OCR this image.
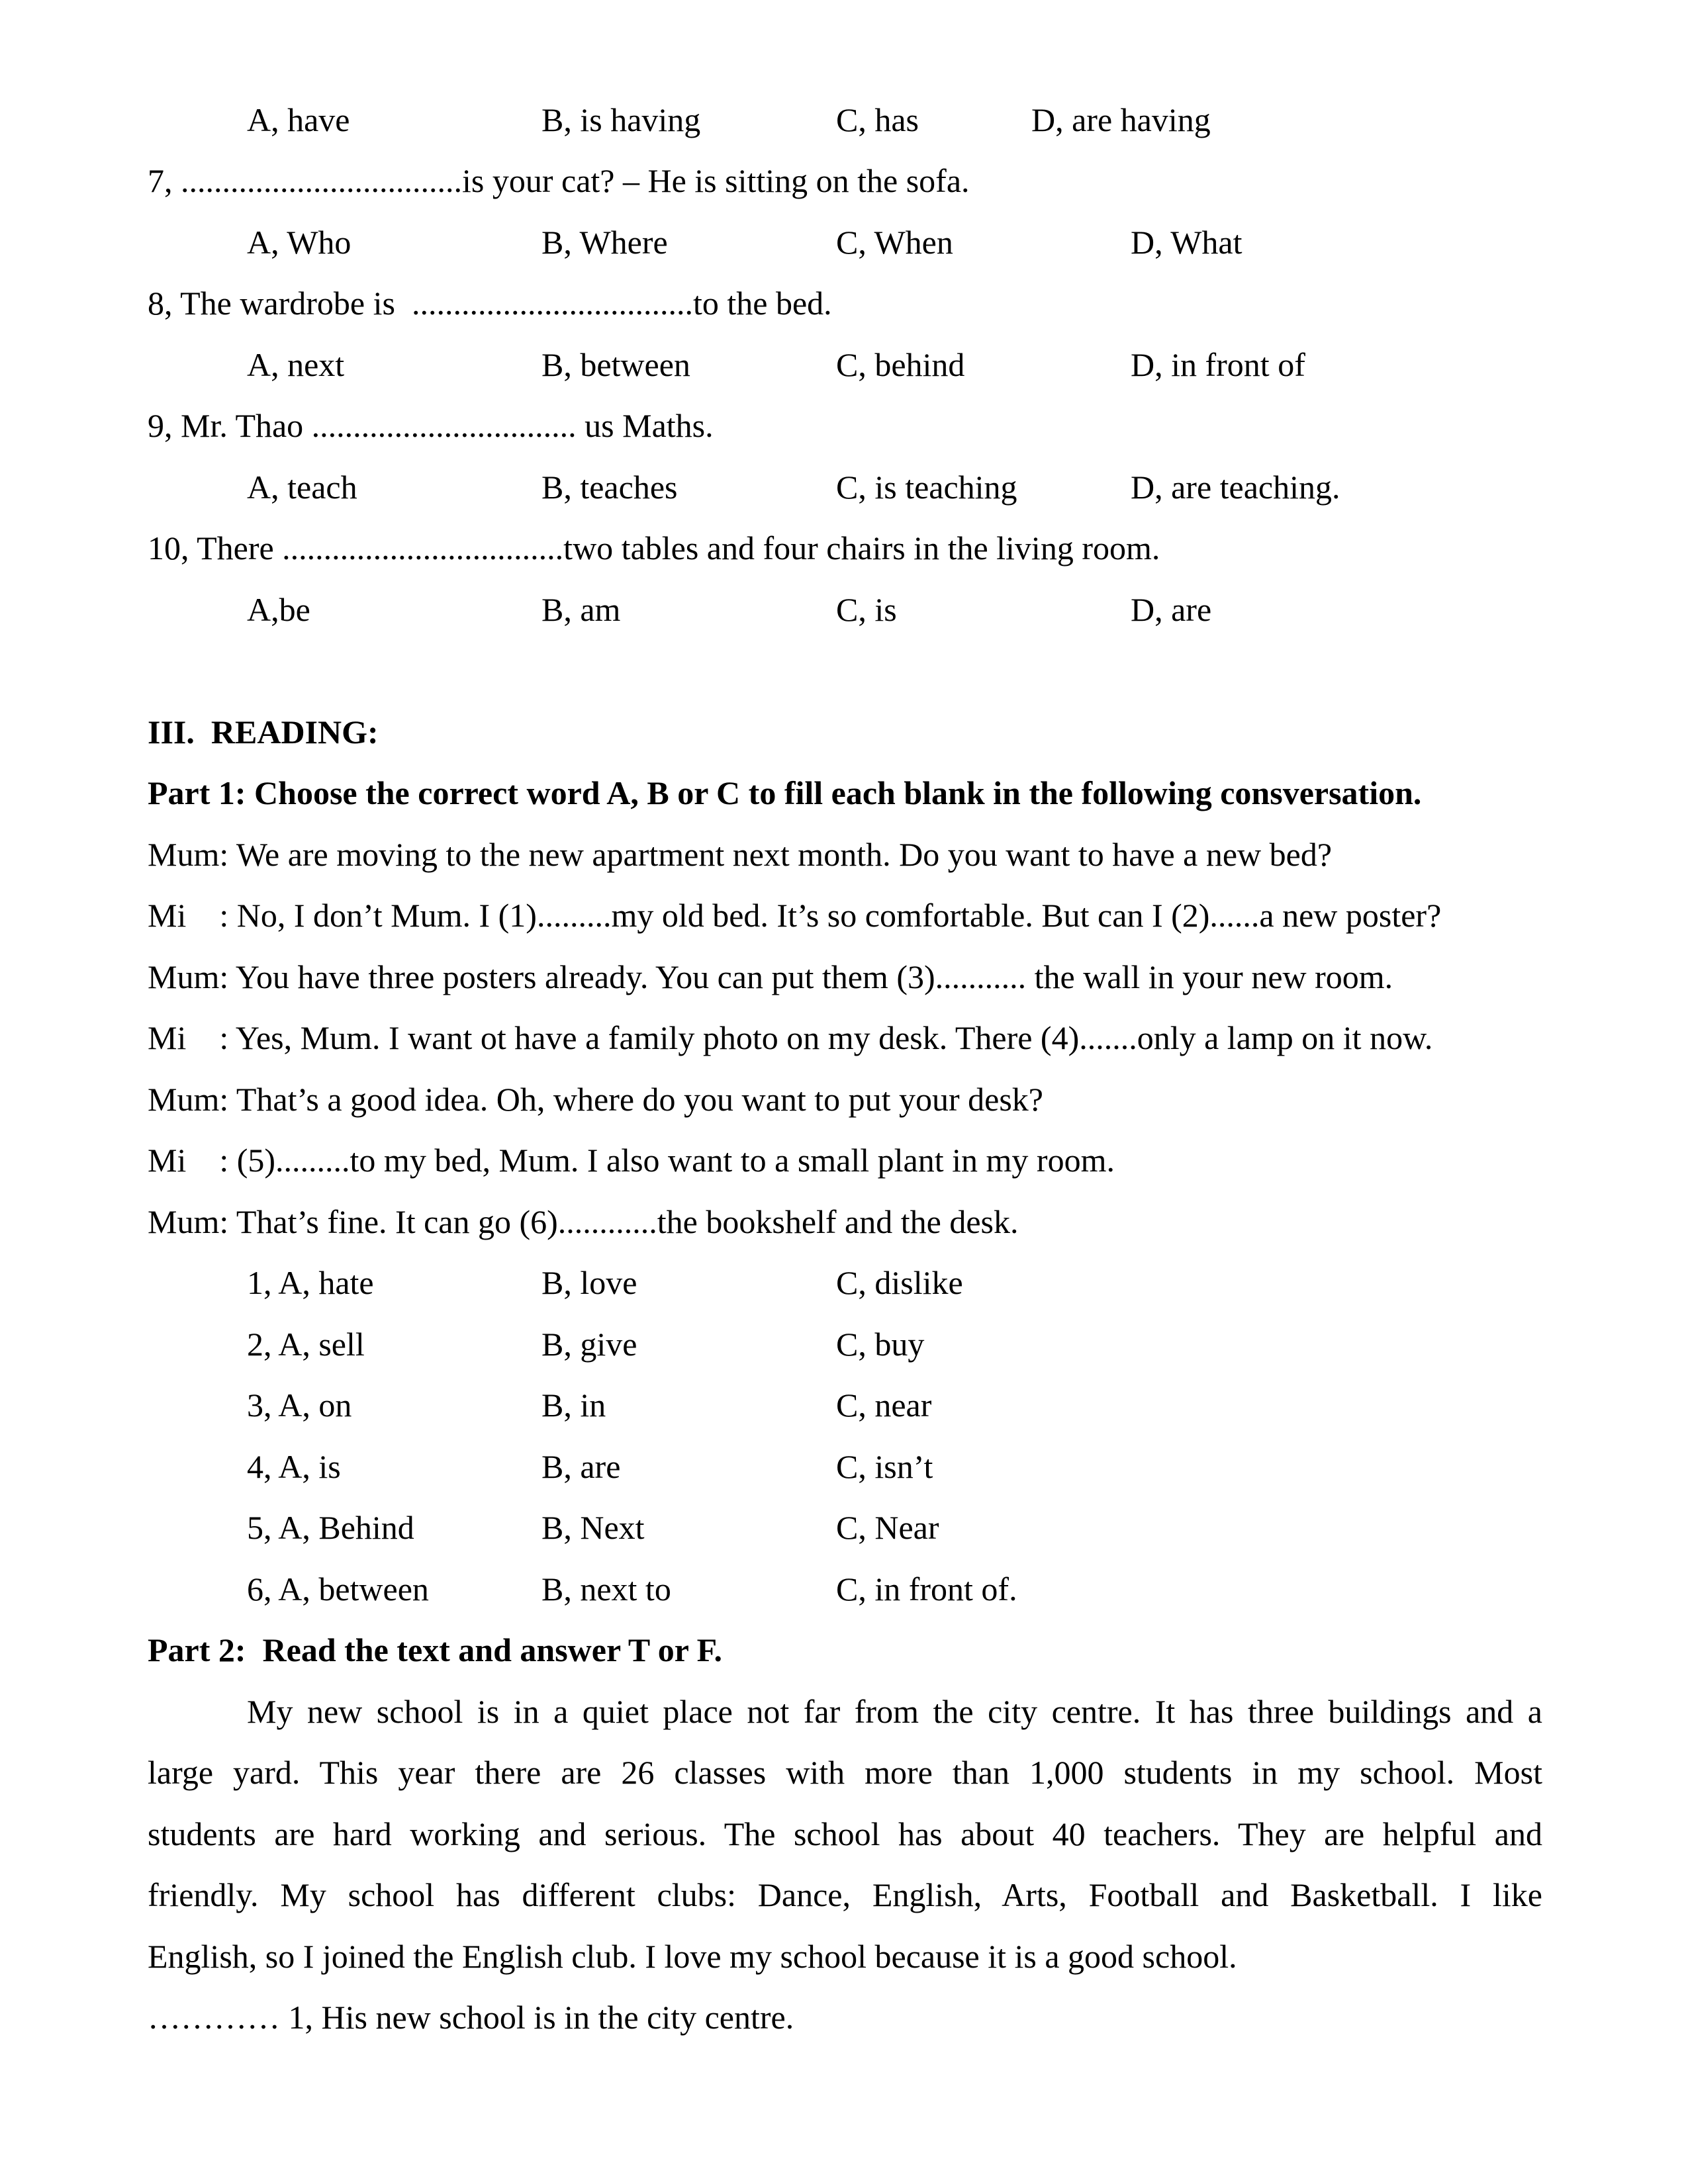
A, have	B, is having	C, has	D, are having
7, ..................................is your cat? – He is sitting on the sofa.
A, Who	B, Where	C, When	D, What
8, The wardrobe is  ..................................to the bed.
A, next	B, between	C, behind	D, in front of
9, Mr. Thao ................................ us Maths.
A, teach	B, teaches	C, is teaching	D, are teaching.
10, There ..................................two tables and four chairs in the living room.
A,be	B, am	C, is	D, are
III.  READING:
Part 1: Choose the correct word A, B or C to fill each blank in the following consversation.
Mum: We are moving to the new apartment next month. Do you want to have a new bed?
Mi    : No, I don’t Mum. I (1).........my old bed. It’s so comfortable. But can I (2)......a new poster?
Mum: You have three posters already. You can put them (3)........... the wall in your new room.
Mi    : Yes, Mum. I want ot have a family photo on my desk. There (4).......only a lamp on it now.
Mum: That’s a good idea. Oh, where do you want to put your desk?
Mi    : (5).........to my bed, Mum. I also want to a small plant in my room.
Mum: That’s fine. It can go (6)............the bookshelf and the desk.
1, A, hate	B, love	C, dislike
2, A, sell	B, give	C, buy
3, A, on	B, in	C, near
4, A, is	B, are	C, isn’t
5, A, Behind	B, Next	C, Near
6, A, between	B, next to	C, in front of.
Part 2:  Read the text and answer T or F.
My new school is in a quiet place not far from the city centre. It has three buildings and a
large yard. This year there are 26 classes with more than 1,000 students in my school. Most
students are hard working and serious. The school has about 40 teachers. They are helpful and
friendly. My school has different clubs: Dance, English, Arts, Football and Basketball. I like
English, so I joined the English club. I love my school because it is a good school.
………… 1, His new school is in the city centre.
